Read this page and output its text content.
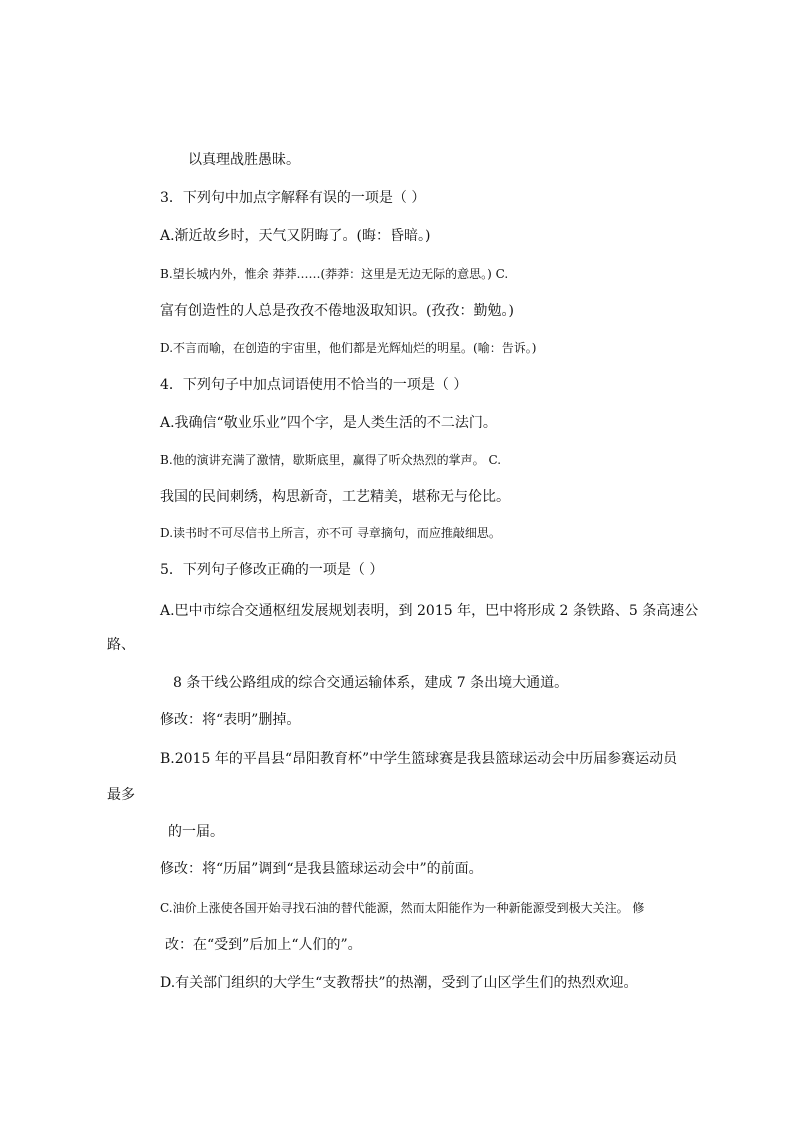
以真理战胜愚昧。
3．下列句中加点字解释有误的一项是（ ）
A.渐近故乡时，天气又阴晦了。(晦：昏暗。)
B.望长城内外，惟余 莽莽……(莽莽：这里是无边无际的意思。) C.
富有创造性的人总是孜孜不倦地汲取知识。(孜孜：勤勉。)
D.不言而喻，在创造的宇宙里，他们都是光辉灿烂的明星。(喻：告诉。)
4．下列句子中加点词语使用不恰当的一项是（ ）
A.我确信“敬业乐业”四个字，是人类生活的不二法门。
B.他的演讲充满了激情，歇斯底里，赢得了听众热烈的掌声。 C.
我国的民间刺绣，构思新奇，工艺精美，堪称无与伦比。
D.读书时不可尽信书上所言，亦不可 寻章摘句，而应推敲细思。
5．下列句子修改正确的一项是（ ）
A.巴中市综合交通枢纽发展规划表明，到 2015 年，巴中将形成 2 条铁路、5 条高速公
路、
8 条干线公路组成的综合交通运输体系，建成 7 条出境大通道。
修改：将“表明”删掉。
B.2015 年的平昌县“昂阳教育杯”中学生篮球赛是我县篮球运动会中历届参赛运动员
最多
的一届。
修改：将“历届”调到“是我县篮球运动会中”的前面。
C.油价上涨使各国开始寻找石油的替代能源，然而太阳能作为一种新能源受到极大关注。 修
改：在“受到”后加上“人们的”。
D.有关部门组织的大学生“支教帮扶”的热潮，受到了山区学生们的热烈欢迎。
